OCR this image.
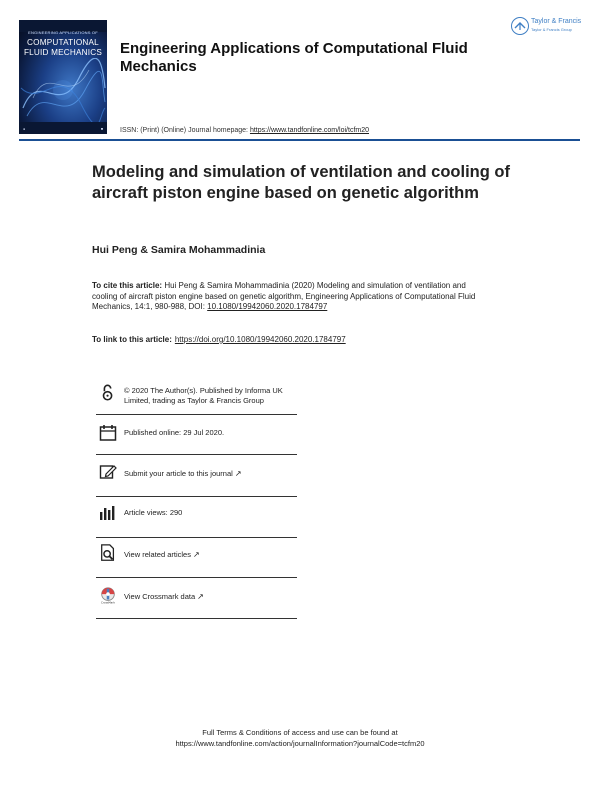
ENGINEERING APPLICATIONS OF
COMPUTATIONAL
FLUID MECHANICS
●	■
Engineering Applications of Computational Fluid Mechanics
Taylor & Francis
Taylor & Francis Group
ISSN: (Print) (Online) Journal homepage: https://www.tandfonline.com/loi/tcfm20
Modeling and simulation of ventilation and cooling of aircraft piston engine based on genetic algorithm
Hui Peng & Samira Mohammadinia
To cite this article: Hui Peng & Samira Mohammadinia (2020) Modeling and simulation of ventilation and cooling of aircraft piston engine based on genetic algorithm, Engineering Applications of Computational Fluid Mechanics, 14:1, 980-988, DOI: 10.1080/19942060.2020.1784797
To link to this article: https://doi.org/10.1080/19942060.2020.1784797
© 2020 The Author(s). Published by Informa UK Limited, trading as Taylor & Francis Group
Published online: 29 Jul 2020.
Submit your article to this journal ↗
Article views: 290
View related articles ↗
CrossMark
View Crossmark data ↗
Full Terms & Conditions of access and use can be found at
https://www.tandfonline.com/action/journalInformation?journalCode=tcfm20
